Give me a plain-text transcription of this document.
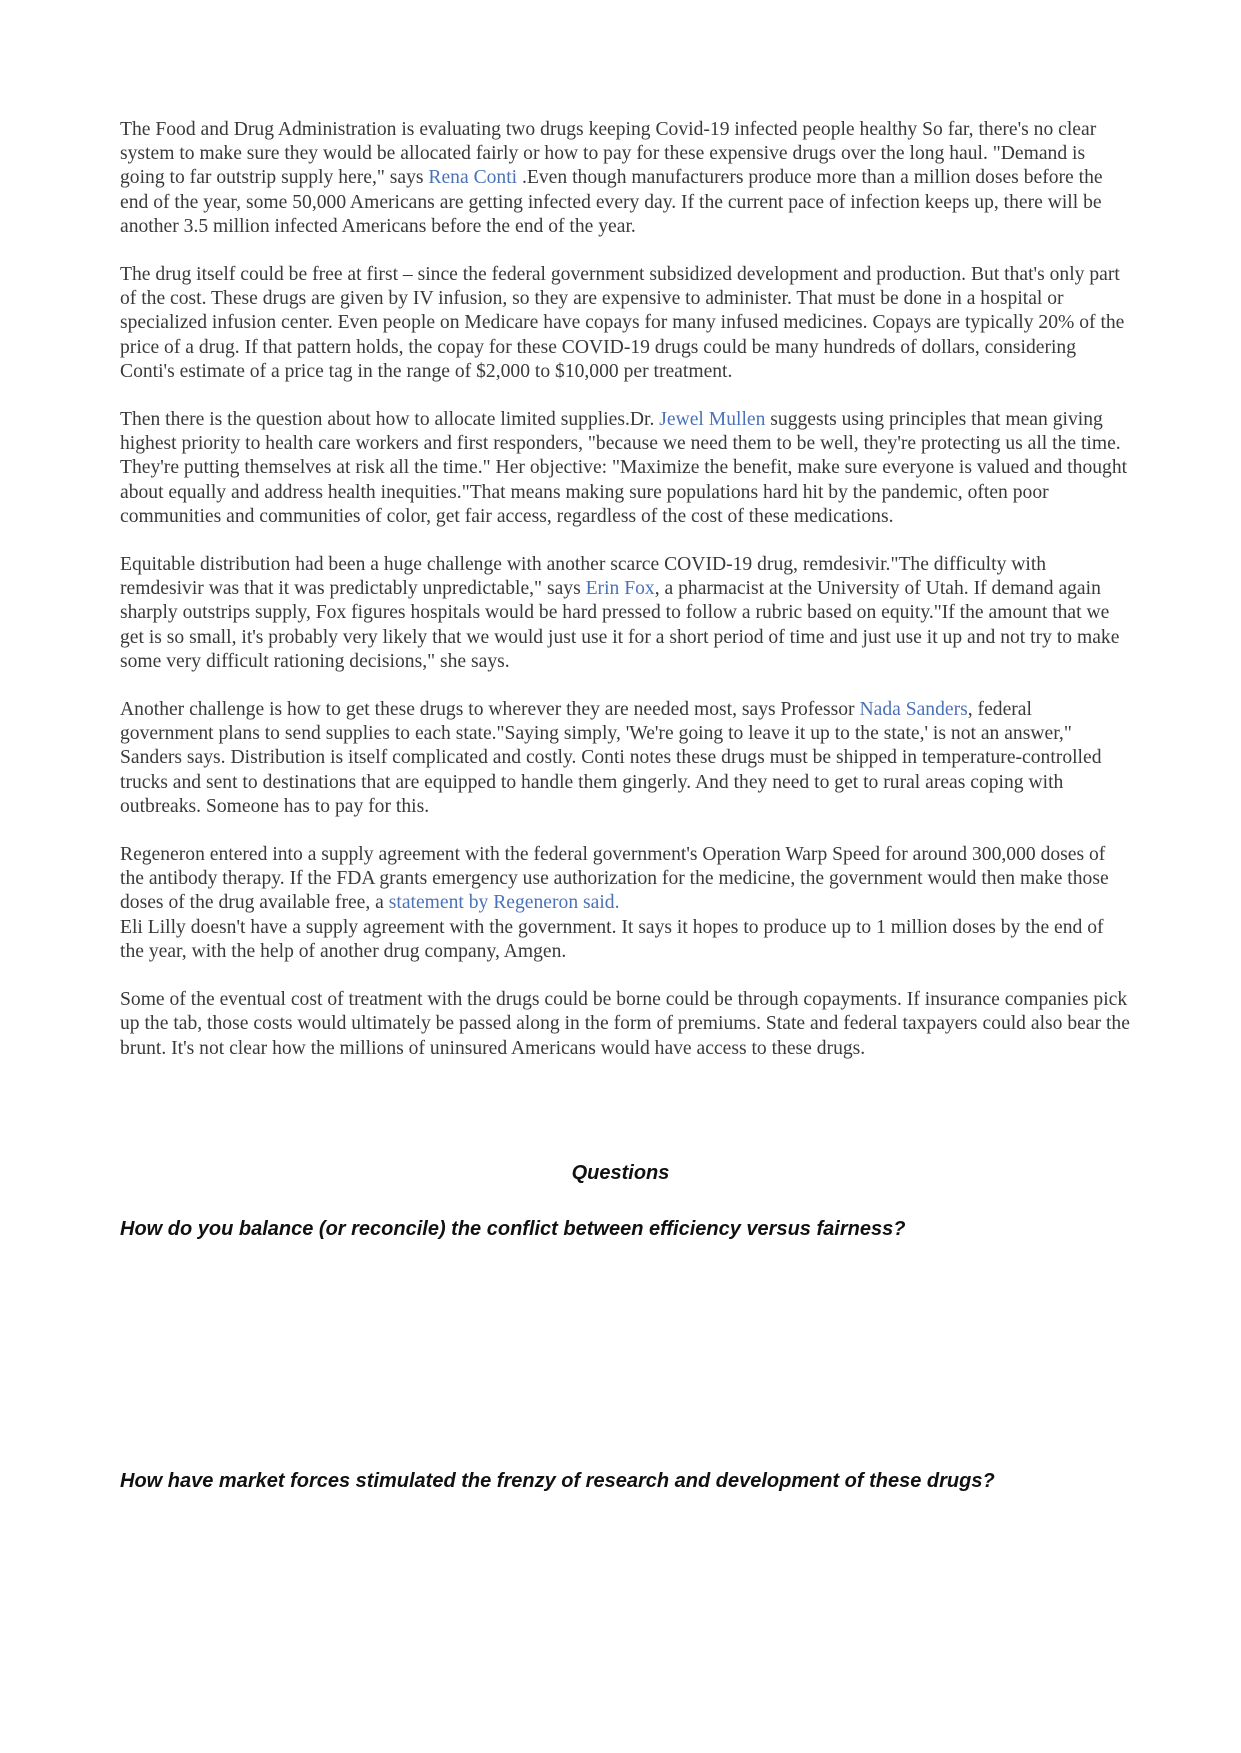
The Food and Drug Administration is evaluating two drugs keeping Covid-19 infected people healthy So far, there's no clear system to make sure they would be allocated fairly or how to pay for these expensive drugs over the long haul. "Demand is going to far outstrip supply here," says Rena Conti .Even though manufacturers produce more than a million doses before the end of the year, some 50,000 Americans are getting infected every day. If the current pace of infection keeps up, there will be another 3.5 million infected Americans before the end of the year.

The drug itself could be free at first – since the federal government subsidized development and production. But that's only part of the cost. These drugs are given by IV infusion, so they are expensive to administer. That must be done in a hospital or specialized infusion center. Even people on Medicare have copays for many infused medicines. Copays are typically 20% of the price of a drug. If that pattern holds, the copay for these COVID-19 drugs could be many hundreds of dollars, considering Conti's estimate of a price tag in the range of $2,000 to $10,000 per treatment.

Then there is the question about how to allocate limited supplies.Dr. Jewel Mullen suggests using principles that mean giving highest priority to health care workers and first responders, "because we need them to be well, they're protecting us all the time. They're putting themselves at risk all the time." Her objective: "Maximize the benefit, make sure everyone is valued and thought about equally and address health inequities."That means making sure populations hard hit by the pandemic, often poor communities and communities of color, get fair access, regardless of the cost of these medications.

Equitable distribution had been a huge challenge with another scarce COVID-19 drug, remdesivir."The difficulty with remdesivir was that it was predictably unpredictable," says Erin Fox, a pharmacist at the University of Utah. If demand again sharply outstrips supply, Fox figures hospitals would be hard pressed to follow a rubric based on equity."If the amount that we get is so small, it's probably very likely that we would just use it for a short period of time and just use it up and not try to make some very difficult rationing decisions," she says.

Another challenge is how to get these drugs to wherever they are needed most, says Professor Nada Sanders, federal government plans to send supplies to each state."Saying simply, 'We're going to leave it up to the state,' is not an answer," Sanders says. Distribution is itself complicated and costly. Conti notes these drugs must be shipped in temperature-controlled trucks and sent to destinations that are equipped to handle them gingerly. And they need to get to rural areas coping with outbreaks. Someone has to pay for this.

Regeneron entered into a supply agreement with the federal government's Operation Warp Speed for around 300,000 doses of the antibody therapy. If the FDA grants emergency use authorization for the medicine, the government would then make those doses of the drug available free, a statement by Regeneron said.

Eli Lilly doesn't have a supply agreement with the government. It says it hopes to produce up to 1 million doses by the end of the year, with the help of another drug company, Amgen.

Some of the eventual cost of treatment with the drugs could be borne could be through copayments. If insurance companies pick up the tab, those costs would ultimately be passed along in the form of premiums. State and federal taxpayers could also bear the brunt. It's not clear how the millions of uninsured Americans would have access to these drugs.

Questions
How do you balance (or reconcile) the conflict between efficiency versus fairness?
How have market forces stimulated the frenzy of research and development of these drugs?
